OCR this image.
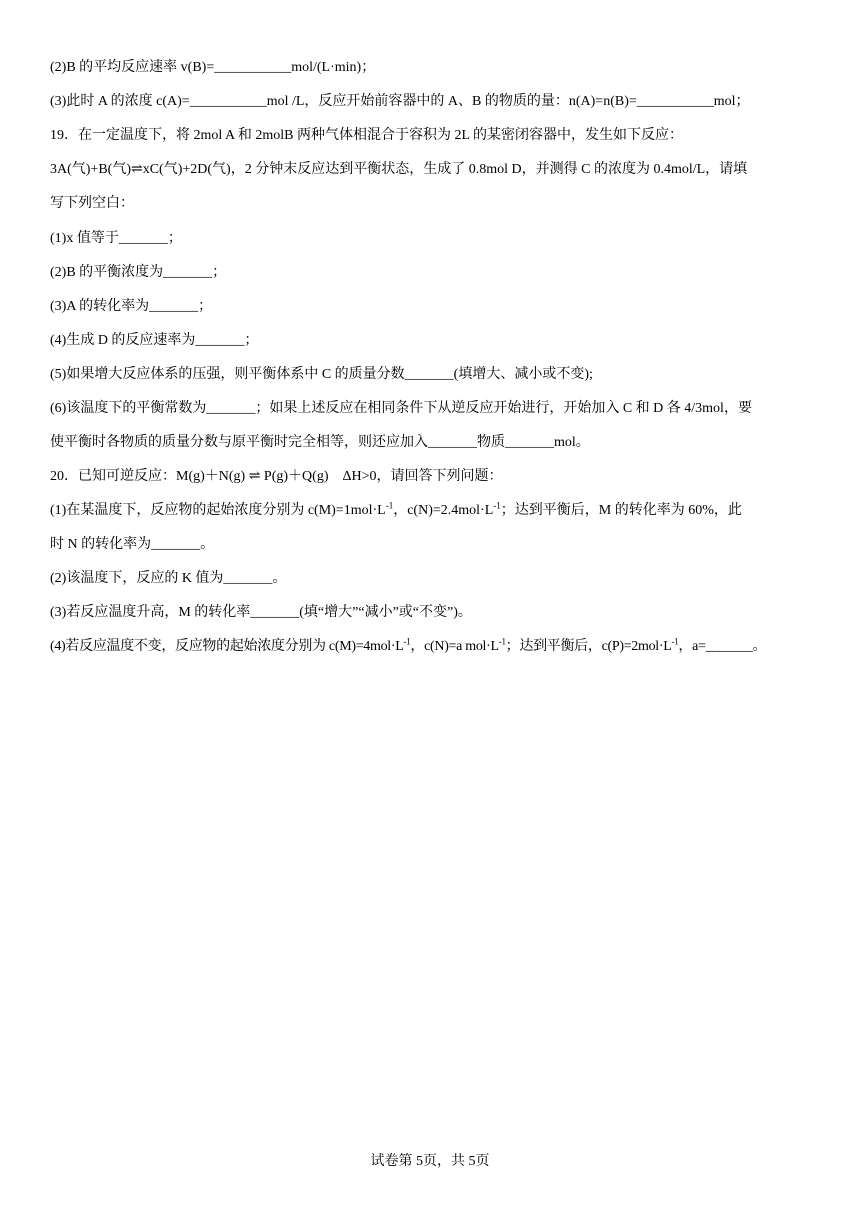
(2)B 的平均反应速率 v(B)=___________mol/(L·min)；
(3)此时 A 的浓度 c(A)=___________mol /L，反应开始前容器中的 A、B 的物质的量：n(A)=n(B)=___________mol；
19．在一定温度下，将 2mol A 和 2molB 两种气体相混合于容积为 2L 的某密闭容器中，发生如下反应：
3A(气)+B(气)⇌xC(气)+2D(气)，2 分钟末反应达到平衡状态，生成了 0.8mol D，并测得 C 的浓度为 0.4mol/L，请填
写下列空白：
(1)x 值等于_______；
(2)B 的平衡浓度为_______；
(3)A 的转化率为_______；
(4)生成 D 的反应速率为_______；
(5)如果增大反应体系的压强，则平衡体系中 C 的质量分数_______(填增大、减小或不变);
(6)该温度下的平衡常数为_______；如果上述反应在相同条件下从逆反应开始进行，开始加入 C 和 D 各 4/3mol，要
使平衡时各物质的质量分数与原平衡时完全相等，则还应加入_______物质_______mol。
20．已知可逆反应：M(g)＋N(g) ⇌ P(g)＋Q(g)　ΔH>0，请回答下列问题：
(1)在某温度下，反应物的起始浓度分别为 $c(M)=1mol\cdot L^{-1}$，$c(N)=2.4mol\cdot L^{-1}$；达到平衡后，M 的转化率为 60%，此
时 N 的转化率为_______。
(2)该温度下，反应的 K 值为_______。
(3)若反应温度升高，M 的转化率_______(填“增大”“减小”或“不变”)。
(4)若反应温度不变，反应物的起始浓度分别为 $c(M)=4mol\cdot L^{-1}$，c(N)=a $mol\cdot L^{-1}$；达到平衡后，$c(P)=2mol\cdot L^{-1}$，a=_______。
试卷第 5页，共 5页
